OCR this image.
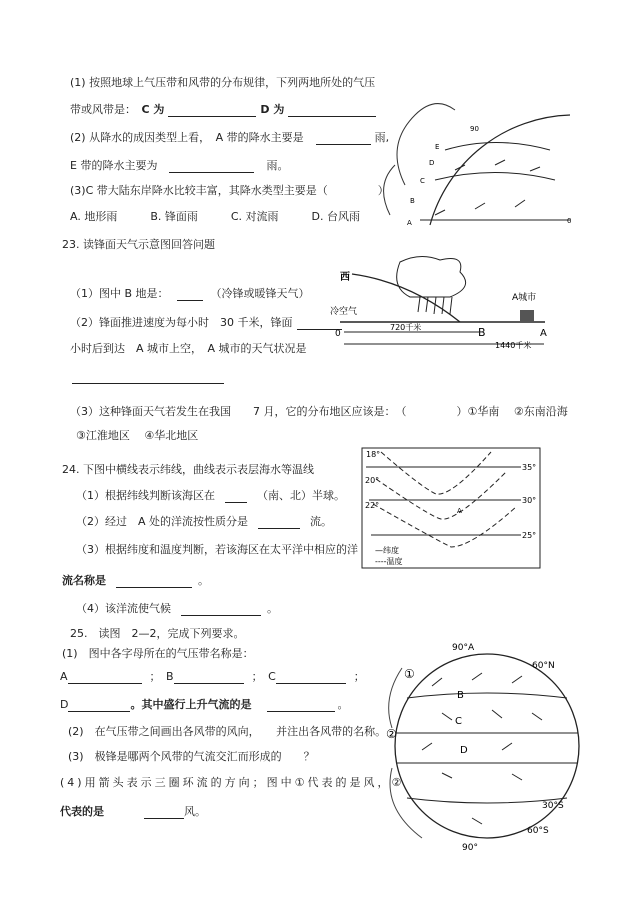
(1) 按照地球上气压带和风带的分布规律，下列两地所处的气压
带或风带是：　 C 为	D 为
(2) 从降水的成因类型上看，　 A 带的降水主要是	雨,
E 带的降水主要为	雨。
(3)C 带大陆东岸降水比较丰富，其降水类型主要是（	）
A. 地形雨	B. 锋面雨	C. 对流雨	D. 台风雨
90
D
C
B
A
E
0
23. 读锋面天气示意图回答问题
（1）图中 B 地是：	（冷锋或暖锋天气）
（2）锋面推进速度为每小时　30 千米，锋面
小时后到达　A 城市上空，　A 城市的天气状况是
（3）这种锋面天气若发生在我国　　7 月，它的分布地区应该是：　（	）①华南　 ②东南沿海
③江淮地区　 ④华北地区
西
冷空气
A城市
0	B	A
720千米
1440千米
24. 下图中横线表示纬线，曲线表示表层海水等温线
（1）根据纬线判断该海区在	（南、北）半球。
（2）经过　A 处的洋流按性质分是	流。
（3）根据纬度和温度判断，若该海区在太平洋中相应的洋
流名称是	。
（4）该洋流使气候	。
18°
20°
22°
35°
30°
25°
A
—纬度
----温度
25.　读图　2—2，完成下列要求。
(1)　图中各字母所在的气压带名称是：
A	；　 B	；　 C	；
D	。其中盛行上升气流的是	。
(2)　在气压带之间画出各风带的风向，　　并注出各风带的名称。
(3)　极锋是哪两个风带的气流交汇而形成的　　？
(4)用箭头表示三圈环流的方向；图中①代表的是风，②
代表的是	风。
90°A
60°N
B
C
D
30°S
60°S
90°
①
②
